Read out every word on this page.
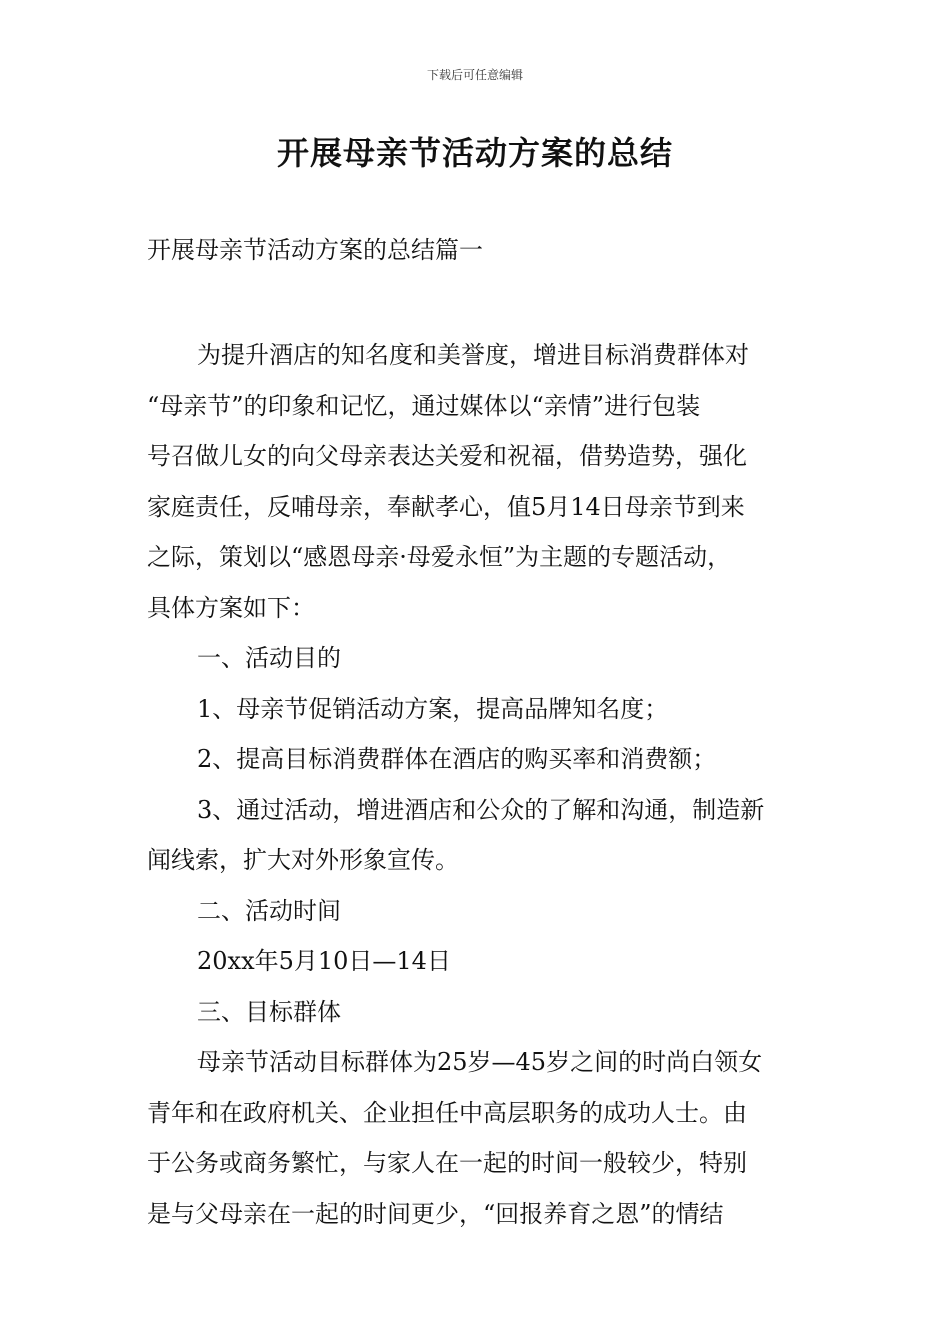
下载后可任意编辑
开展母亲节活动方案的总结
开展母亲节活动方案的总结篇一

为提升酒店的知名度和美誉度，增进目标消费群体对

“母亲节”的印象和记忆，通过媒体以“亲情”进行包装

号召做儿女的向父母亲表达关爱和祝福，借势造势，强化

家庭责任，反哺母亲，奉献孝心，值5月14日母亲节到来

之际，策划以“感恩母亲·母爱永恒”为主题的专题活动，

具体方案如下：

一、活动目的

1、母亲节促销活动方案，提高品牌知名度；

2、提高目标消费群体在酒店的购买率和消费额；

3、通过活动，增进酒店和公众的了解和沟通，制造新

闻线索，扩大对外形象宣传。

二、活动时间

20xx年5月10日—14日

三、目标群体

母亲节活动目标群体为25岁—45岁之间的时尚白领女

青年和在政府机关、企业担任中高层职务的成功人士。由

于公务或商务繁忙，与家人在一起的时间一般较少，特别

是与父母亲在一起的时间更少，“回报养育之恩”的情结
